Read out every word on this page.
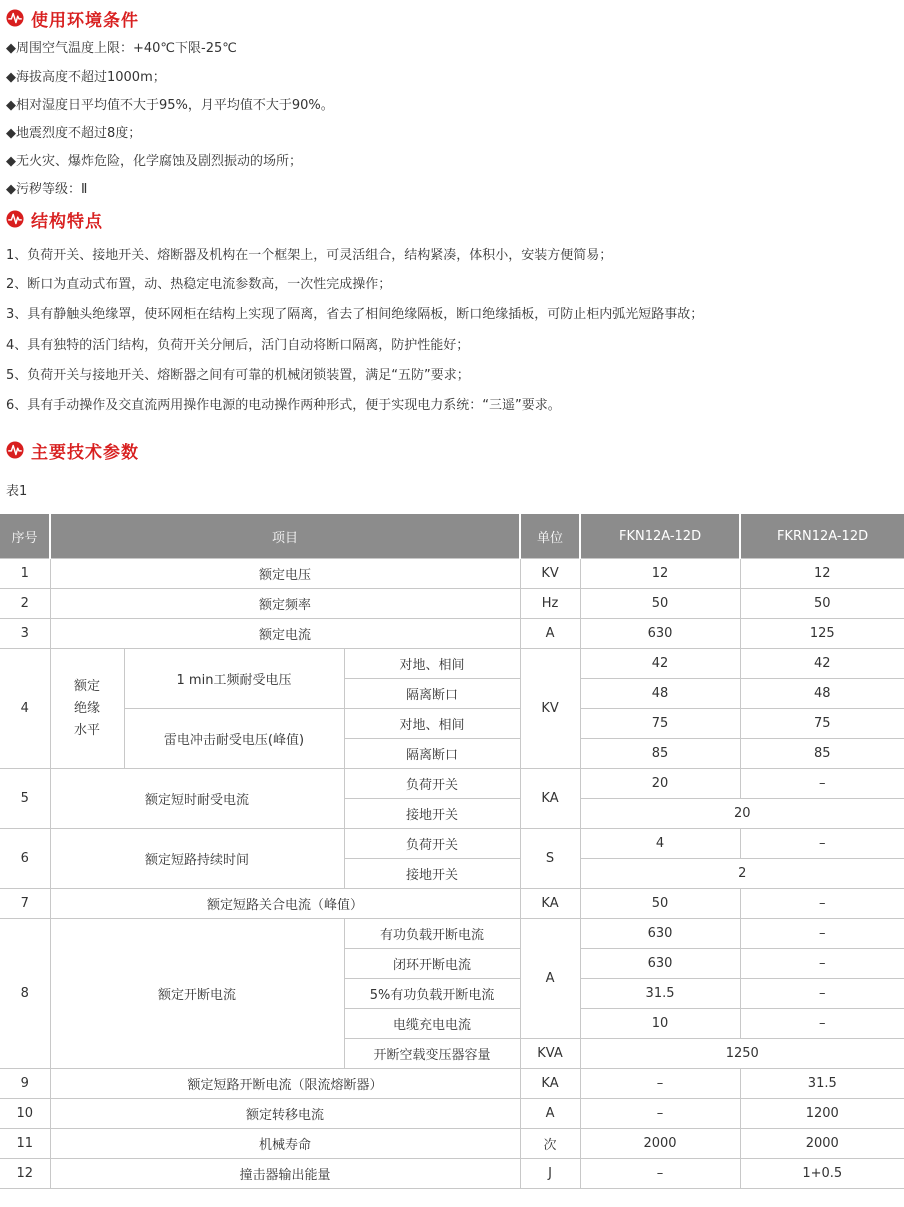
使用环境条件
◆周围空气温度上限：+40℃下限-25℃
◆海拔高度不超过1000m；
◆相对湿度日平均值不大于95%，月平均值不大于90%。
◆地震烈度不超过8度；
◆无火灾、爆炸危险，化学腐蚀及剧烈振动的场所；
◆污秽等级：Ⅱ
结构特点
1、负荷开关、接地开关、熔断器及机构在一个框架上，可灵活组合，结构紧凑，体积小，安装方便简易；
2、断口为直动式布置，动、热稳定电流参数高，一次性完成操作；
3、具有静触头绝缘罩，使环网柜在结构上实现了隔离，省去了相间绝缘隔板，断口绝缘插板，可防止柜内弧光短路事故；
4、具有独特的活门结构，负荷开关分闸后，活门自动将断口隔离，防护性能好；
5、负荷开关与接地开关、熔断器之间有可靠的机械闭锁装置，满足“五防”要求；
6、具有手动操作及交直流两用操作电源的电动操作两种形式，便于实现电力系统：“三遥”要求。
主要技术参数
表1
序号	项目			单位	FKN12A-12D	FKRN12A-12D
1	额定电压			KV	12	12
2	额定频率			Hz	50	50
3	额定电流			A	630	125
4	额定
绝缘
水平	1 min工频耐受电压	对地、相间	KV	42	42
			隔离断口		48	48
		雷电冲击耐受电压(峰值)	对地、相间		75	75
			隔离断口		85	85
5	额定短时耐受电流		负荷开关	KA	20	–
			接地开关		20	
6	额定短路持续时间		负荷开关	S	4	–
			接地开关		2	
7	额定短路关合电流（峰值）			KA	50	–
8	额定开断电流		有功负载开断电流	A	630	–
			闭环开断电流		630	–
			5%有功负载开断电流		31.5	–
			电缆充电电流		10	–
			开断空载变压器容量	KVA	1250	
9	额定短路开断电流（限流熔断器）			KA	–	31.5
10	额定转移电流			A	–	1200
11	机械寿命			次	2000	2000
12	撞击器输出能量			J	–	1+0.5
